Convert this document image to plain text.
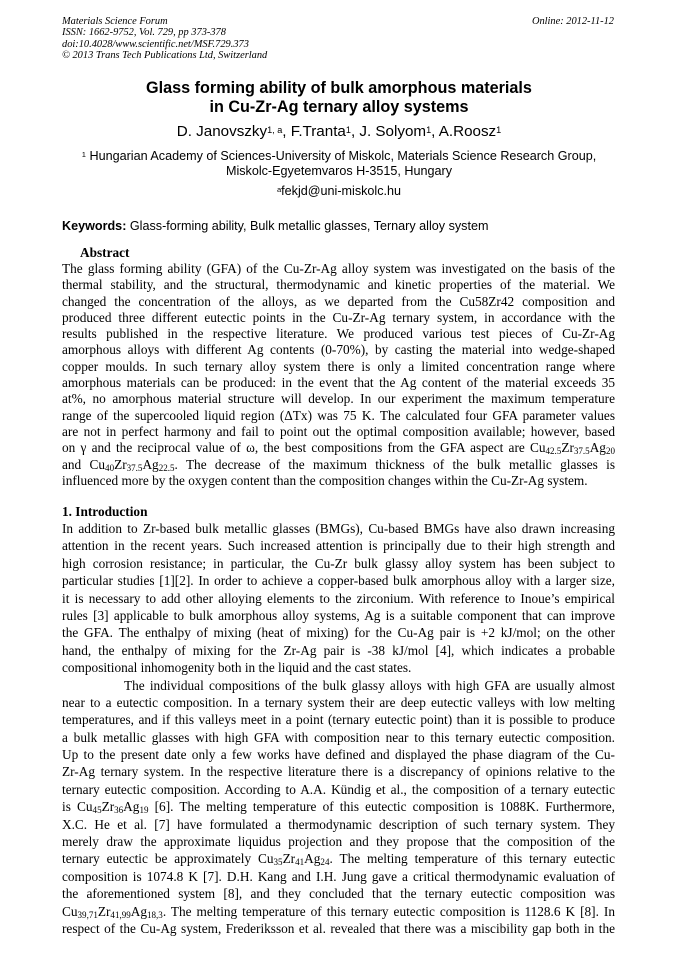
Materials Science Forum
ISSN: 1662-9752, Vol. 729, pp 373-378
doi:10.4028/www.scientific.net/MSF.729.373
© 2013 Trans Tech Publications Ltd, Switzerland
Online: 2012-11-12
Glass forming ability of bulk amorphous materials
in Cu-Zr-Ag ternary alloy systems
D. Janovszky$^{1, a}$, F.Tranta$^1$, J. Solyom$^1$, A.Roosz$^1$
$^1$ Hungarian Academy of Sciences-University of Miskolc, Materials Science Research Group,
Miskolc-Egyetemvaros H-3515, Hungary
$^a$fekjd@uni-miskolc.hu
Keywords: Glass-forming ability, Bulk metallic glasses, Ternary alloy system
Abstract
The glass forming ability (GFA) of the Cu-Zr-Ag alloy system was investigated on the basis of the
thermal stability, and the structural, thermodynamic and kinetic properties of the material. We
changed the concentration of the alloys, as we departed from the Cu58Zr42 composition and
produced three different eutectic points in the Cu-Zr-Ag ternary system, in accordance with the
results published in the respective literature. We produced various test pieces of Cu-Zr-Ag
amorphous alloys with different Ag contents (0-70%), by casting the material into wedge-shaped
copper moulds. In such ternary alloy system there is only a limited concentration range where
amorphous materials can be produced: in the event that the Ag content of the material exceeds 35
at%, no amorphous material structure will develop. In our experiment the maximum temperature
range of the supercooled liquid region (ΔTx) was 75 K. The calculated four GFA parameter values
are not in perfect harmony and fail to point out the optimal composition available; however, based
on γ and the reciprocal value of ω, the best compositions from the GFA aspect are $Cu_{42.5}Zr_{37.5}Ag_{20}$
and $Cu_{40}Zr_{37.5}Ag_{22.5}$. The decrease of the maximum thickness of the bulk metallic glasses is
influenced more by the oxygen content than the composition changes within the Cu-Zr-Ag system.
1. Introduction
In addition to Zr-based bulk metallic glasses (BMGs), Cu-based BMGs have also drawn increasing
attention in the recent years. Such increased attention is principally due to their high strength and
high corrosion resistance; in particular, the Cu-Zr bulk glassy alloy system has been subject to
particular studies [1][2]. In order to achieve a copper-based bulk amorphous alloy with a larger size,
it is necessary to add other alloying elements to the zirconium. With reference to Inoue’s empirical
rules [3] applicable to bulk amorphous alloy systems, Ag is a suitable component that can improve
the GFA. The enthalpy of mixing (heat of mixing) for the Cu-Ag pair is +2 kJ/mol; on the other
hand, the enthalpy of mixing for the Zr-Ag pair is -38 kJ/mol [4], which indicates a probable
compositional inhomogenity both in the liquid and the cast states.
The individual compositions of the bulk glassy alloys with high GFA are usually almost
near to a eutectic composition. In a ternary system their are deep eutectic valleys with low melting
temperatures, and if this valleys meet in a point (ternary eutectic point) than it is possible to produce
a bulk metallic glasses with high GFA with composition near to this ternary eutectic composition.
Up to the present date only a few works have defined and displayed the phase diagram of the Cu-
Zr-Ag ternary system. In the respective literature there is a discrepancy of opinions relative to the
ternary eutectic composition. According to A.A. Kündig et al., the composition of a ternary eutectic
is $Cu_{45}Zr_{36}Ag_{19}$ [6]. The melting temperature of this eutectic composition is 1088K. Furthermore,
X.C. He et al. [7] have formulated a thermodynamic description of such ternary system. They
merely draw the approximate liquidus projection and they propose that the composition of the
ternary eutectic be approximately $Cu_{35}Zr_{41}Ag_{24}$. The melting temperature of this ternary eutectic
composition is 1074.8 K [7]. D.H. Kang and I.H. Jung gave a critical thermodynamic evaluation of
the aforementioned system [8], and they concluded that the ternary eutectic composition was
$Cu_{39,71}Zr_{41,99}Ag_{18,3}$. The melting temperature of this ternary eutectic composition is 1128.6 K [8]. In
respect of the Cu-Ag system, Frederiksson et al. revealed that there was a miscibility gap both in the
